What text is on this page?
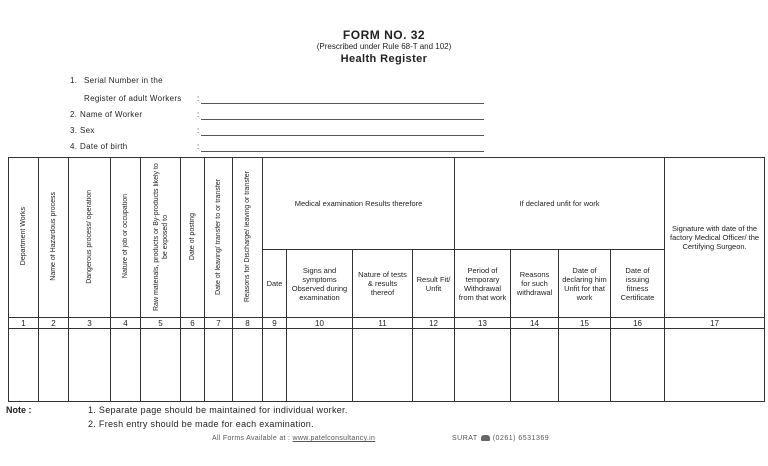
FORM NO. 32
(Prescribed under Rule 68-T and 102)
Health Register
1. Serial Number in the
Register of adult Workers :
2. Name of Worker	:
3. Sex	:
4. Date of birth	:
Department Works	Name of Hazardous process	Dangerous process/ operation	Nature of job or occupation	Raw materials, products or By-products likely to be exposed to	Date of posting	Date of leaving/ transfer to or transfer	Reasons for Discharge/ leaving or transfer	Medical examination Results therefore				If declared unfit for work				Signature with date of the factory Medical Officer/ the Certifying Surgeon.
								Date	Signs and symptoms Observed during examination	Nature of tests & results thereof	Result Fit/ Unfit	Period of temporary Withdrawal from that work	Reasons for such withdrawal	Date of declaring him Unfit for that work	Date of issuing fitness Certificate	
1	2	3	4	5	6	7	8	9	10	11	12	13	14	15	16	17

Note :	1. Separate page should be maintained for individual worker.
2. Fresh entry should be made for each examination.
All Forms Available at : www.patelconsultancy.in	SURAT (0261) 6531369
